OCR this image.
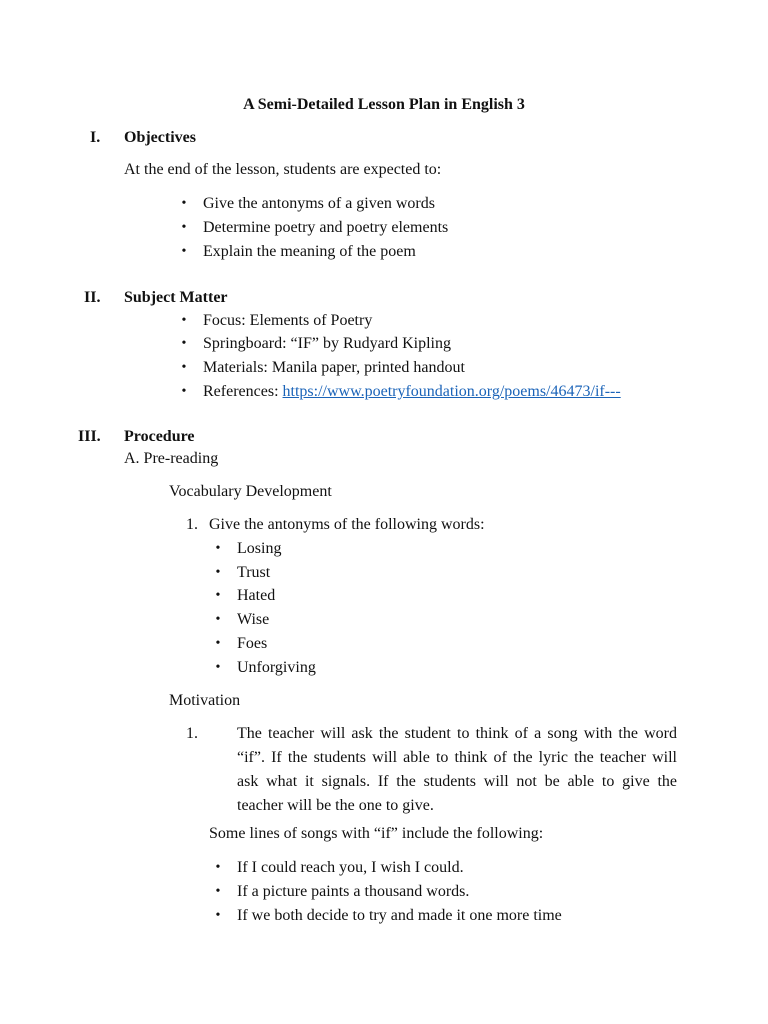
A Semi-Detailed Lesson Plan in English 3
I.	Objectives
At the end of the lesson, students are expected to:
• Give the antonyms of a given words
• Determine poetry and poetry elements
• Explain the meaning of the poem
II.	Subject Matter
• Focus: Elements of Poetry
• Springboard: “IF” by Rudyard Kipling
• Materials: Manila paper, printed handout
• References: https://www.poetryfoundation.org/poems/46473/if---
III.	Procedure
A. Pre-reading
Vocabulary Development
1. Give the antonyms of the following words:
• Losing
• Trust
• Hated
• Wise
• Foes
• Unforgiving
Motivation
1. The teacher will ask the student to think of a song with the word
“if”. If the students will able to think of the lyric the teacher will
ask what it signals. If the students will not be able to give the
teacher will be the one to give.
Some lines of songs with “if” include the following:
• If I could reach you, I wish I could.
• If a picture paints a thousand words.
• If we both decide to try and made it one more time
